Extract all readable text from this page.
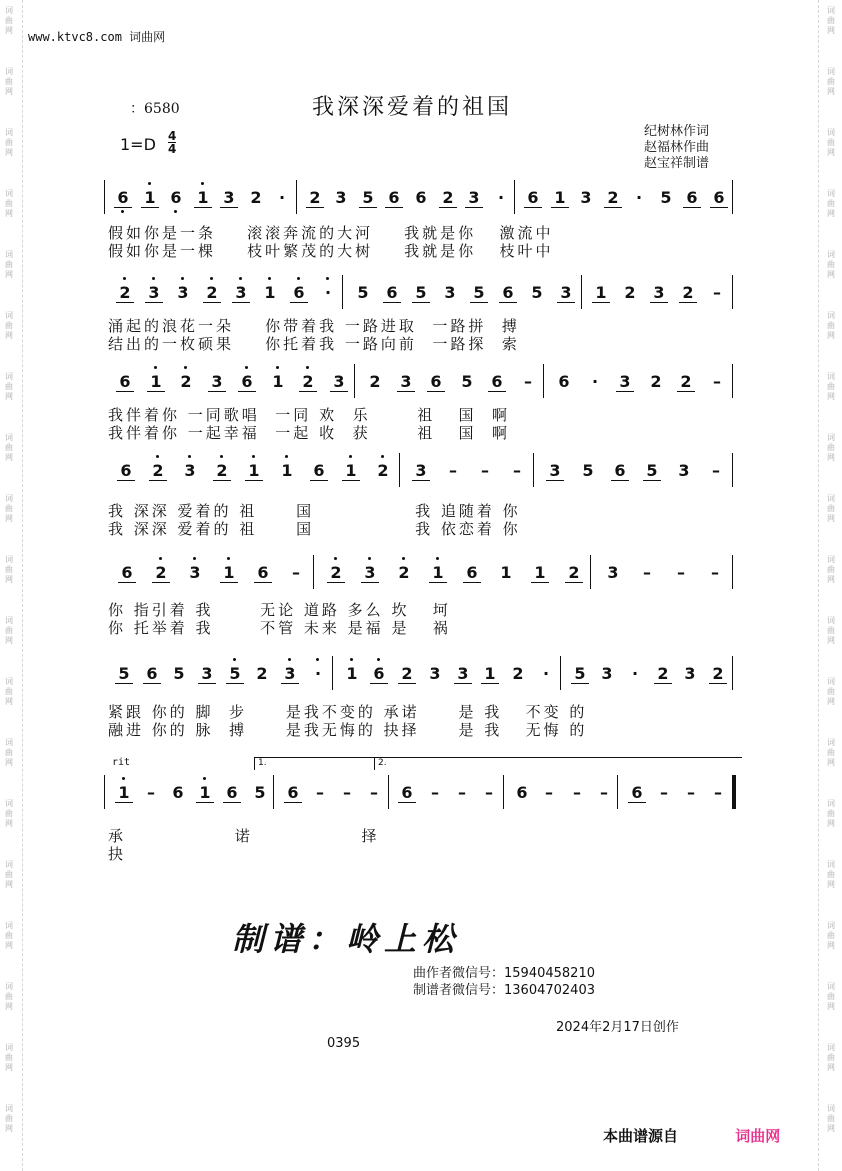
词曲网
词曲网
词曲网
词曲网
词曲网
词曲网
词曲网
词曲网
词曲网
词曲网
词曲网
词曲网
词曲网
词曲网
词曲网
词曲网
词曲网
词曲网
词曲网
词曲网
词曲网
词曲网
词曲网
词曲网
词曲网
词曲网
词曲网
词曲网
词曲网
词曲网
词曲网
词曲网
词曲网
词曲网
词曲网
词曲网
词曲网
词曲网
www.ktvc8.com 词曲网
：6580	我深深爱着的祖国
1=D 4
4
纪树林作词
赵福林作曲
赵宝祥制谱
6 1 6 1 3 2 · 2 3 5 6 6 2 3 · 6 1 3 2 · 5 6 6
假如你是一条    滚滚奔流的大河    我就是你   激流中
假如你是一棵    枝叶繁茂的大树    我就是你   枝叶中
2 3 3 2 3 1 6 · 5 6 5 3 5 6 5 3 1 2 3 2 –
涌起的浪花一朵    你带着我 一路进取  一路拼  搏
结出的一枚硕果    你托着我 一路向前  一路探  索
6 1 2 3 6 1 2 3 2 3 6 5 6 – 6 · 3 2 2 –
我伴着你 一同歌唱  一同 欢  乐      祖   国  啊
我伴着你 一起幸福  一起 收  获      祖   国  啊
6 2 3 2 1 1 6 1 2 3 – – – 3 5 6 5 3 –
我 深深 爱着的 祖     国             我 追随着 你
我 深深 爱着的 祖     国             我 依恋着 你
6 2 3 1 6 – 2 3 2 1 6 1 1 2 3 – – –
你 指引着 我      无论 道路 多么 坎   坷
你 托举着 我      不管 未来 是福 是   祸
5 6 5 3 5 2 3 · 1 6 2 3 3 1 2 · 5 3 · 2 3 2
紧跟 你的 脚  步     是我不变的 承诺     是 我   不变 的
融进 你的 脉  搏     是我无悔的 抉择     是 我   无悔 的
1 – 6 1 6 5 6 – – – 6 – – – 6 – – – 6 – – –
承              诺              择
抉
rit	1.	2.
制谱：岭上松
曲作者微信号：15940458210
制谱者微信号：13604702403
2024年2月17日创作
0395
本曲谱源自	词曲网
